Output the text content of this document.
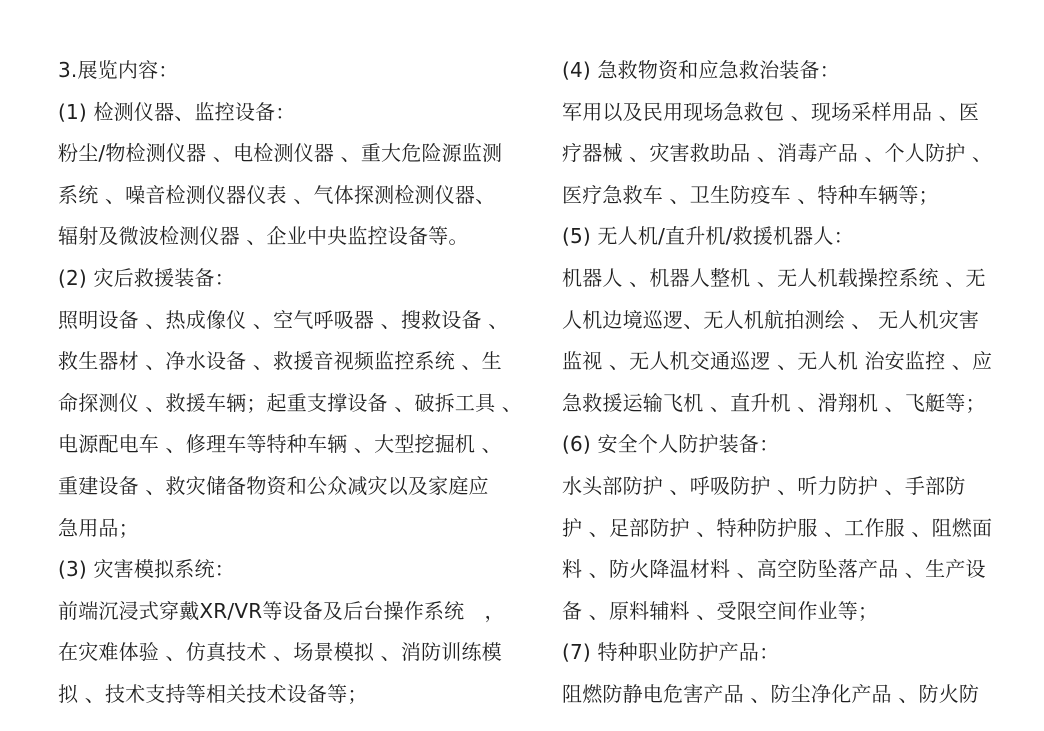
3.展览内容：
(1) 检测仪器、监控设备：
粉尘/物检测仪器 、电检测仪器 、重大危险源监测
系统 、噪音检测仪器仪表 、气体探测检测仪器、
辐射及微波检测仪器 、企业中央监控设备等。
(2) 灾后救援装备：
照明设备 、热成像仪 、空气呼吸器 、搜救设备 、
救生器材 、净水设备 、救援音视频监控系统 、生
命探测仪 、救援车辆；起重支撑设备 、破拆工具 、
电源配电车 、修理车等特种车辆 、大型挖掘机 、
重建设备 、救灾储备物资和公众减灾以及家庭应
急用品；
(3) 灾害模拟系统：
前端沉浸式穿戴XR/VR等设备及后台操作系统　，
在灾难体验 、仿真技术 、场景模拟 、消防训练模
拟 、技术支持等相关技术设备等；
(4) 急救物资和应急救治装备：
军用以及民用现场急救包 、现场采样用品 、医
疗器械 、灾害救助品 、消毒产品 、个人防护 、
医疗急救车 、卫生防疫车 、特种车辆等；
(5) 无人机/直升机/救援机器人：
机器人 、机器人整机 、无人机载操控系统 、无
人机边境巡逻、无人机航拍测绘 、 无人机灾害
监视 、无人机交通巡逻 、无人机 治安监控 、应
急救援运输飞机 、直升机 、滑翔机 、飞艇等；
(6) 安全个人防护装备：
水头部防护 、呼吸防护 、听力防护 、手部防
护 、足部防护 、特种防护服 、工作服 、阻燃面
料 、防火降温材料 、高空防坠落产品 、生产设
备 、原料辅料 、受限空间作业等；
(7) 特种职业防护产品：
阻燃防静电危害产品 、防尘净化产品 、防火防
